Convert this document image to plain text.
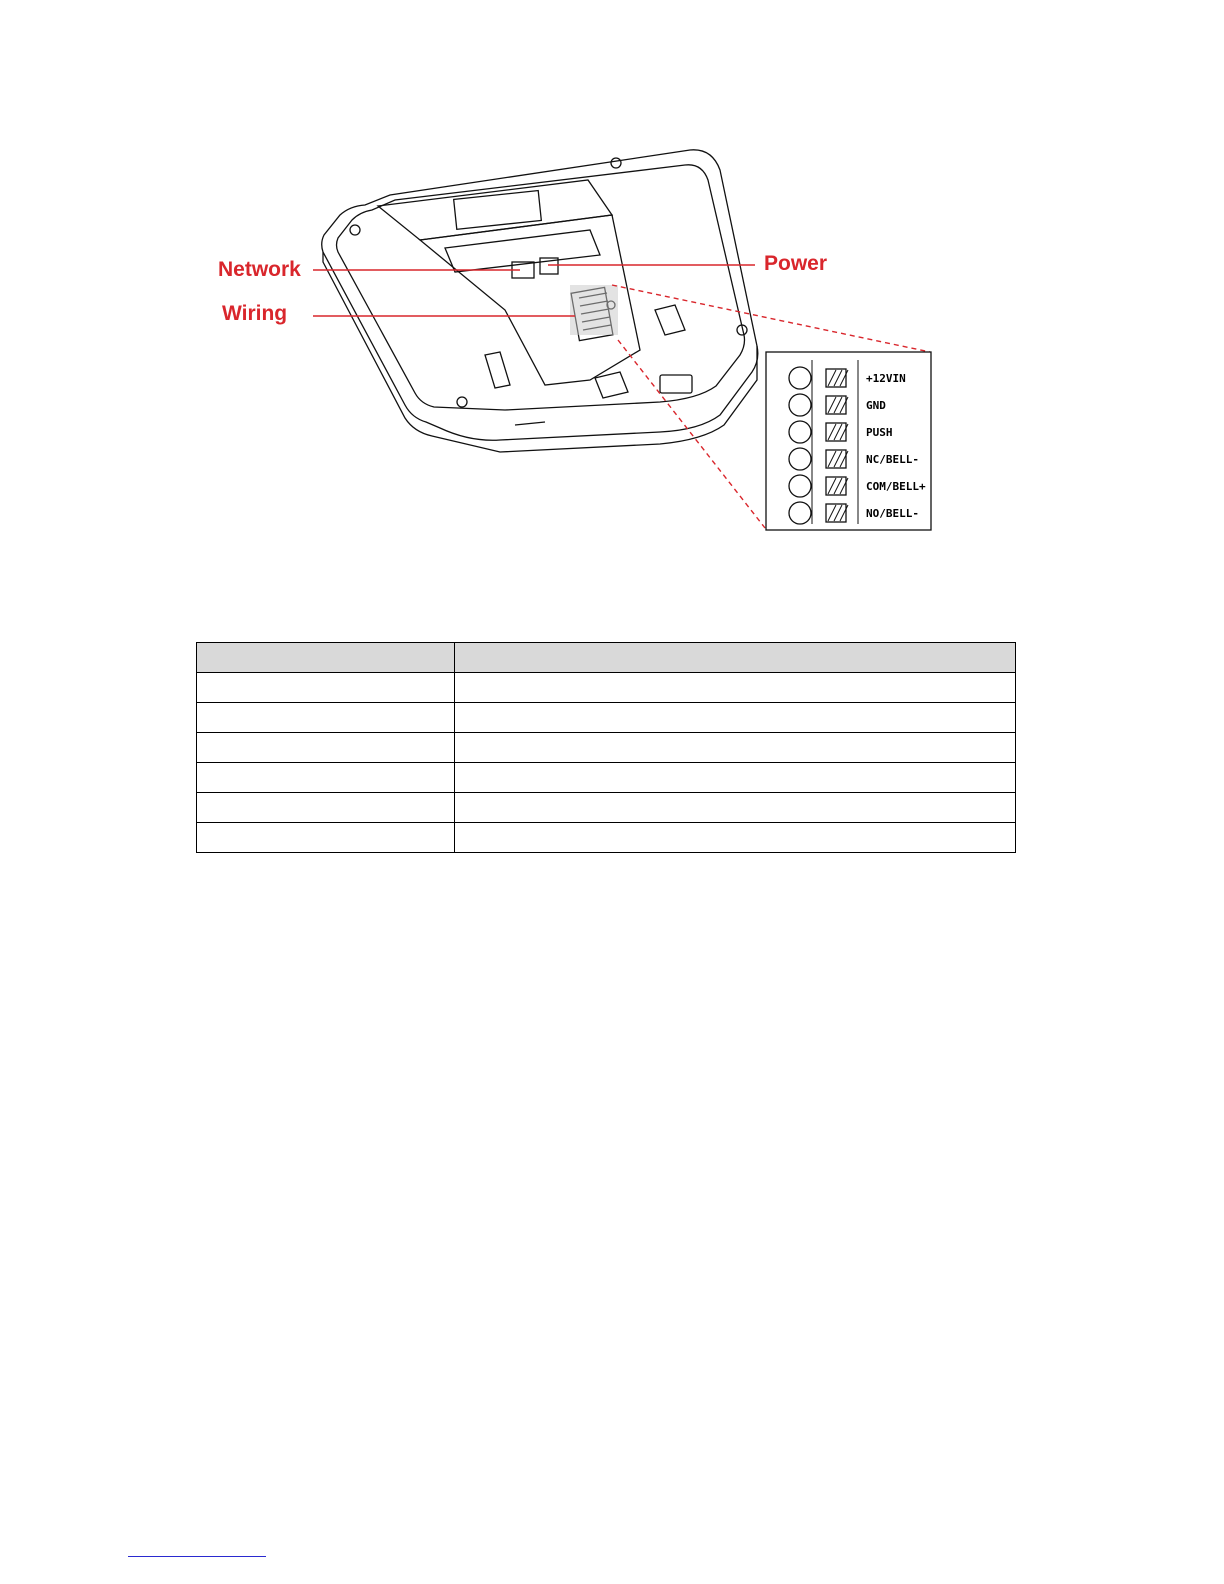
Network	Power
Wiring
+12VIN
GND
PUSH
NC/BELL-
COM/BELL+
NO/BELL-
